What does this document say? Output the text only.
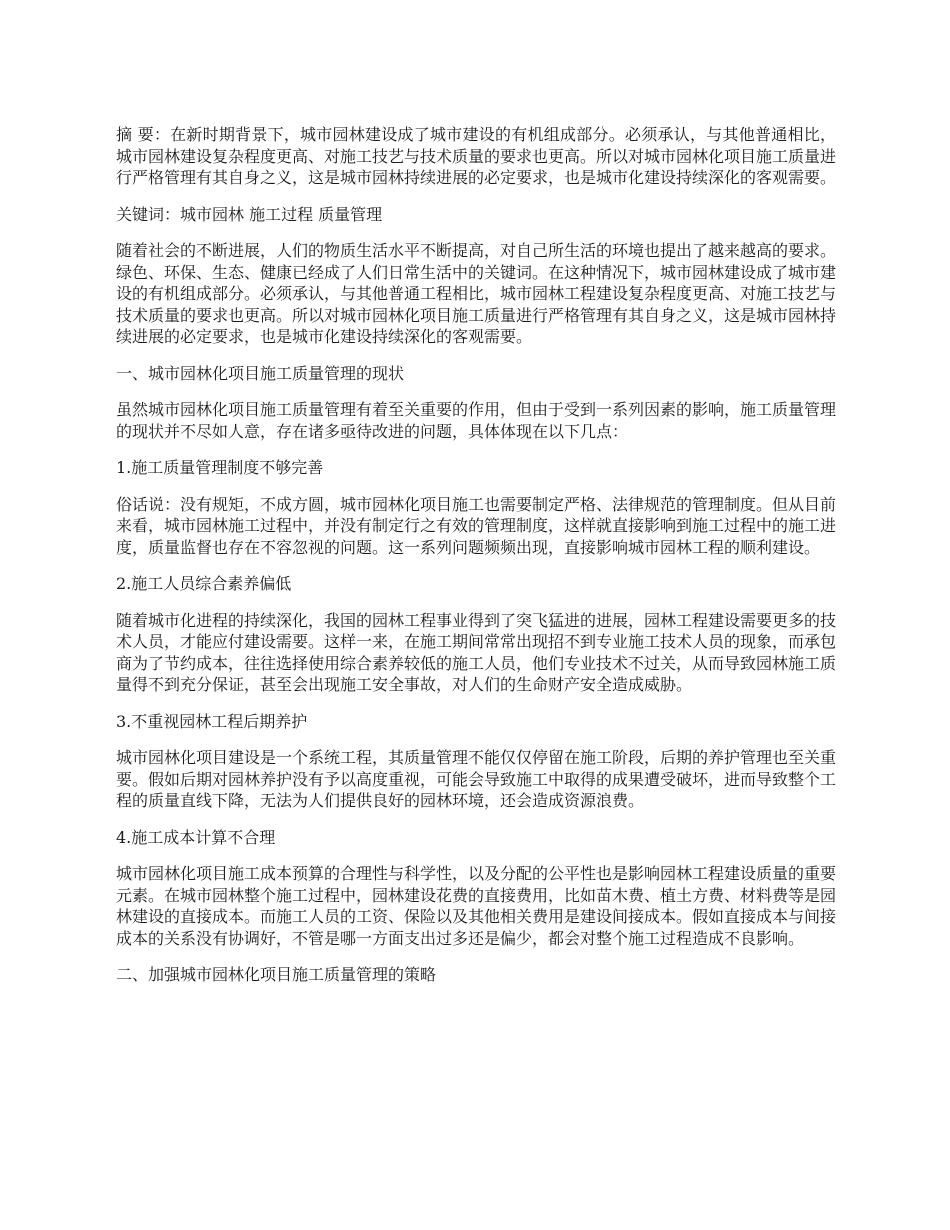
摘 要：在新时期背景下，城市园林建设成了城市建设的有机组成部分。必须承认，与其他普通相比，城市园林建设复杂程度更高、对施工技艺与技术质量的要求也更高。所以对城市园林化项目施工质量进行严格管理有其自身之义，这是城市园林持续进展的必定要求，也是城市化建设持续深化的客观需要。

关键词：城市园林 施工过程 质量管理

随着社会的不断进展，人们的物质生活水平不断提高，对自己所生活的环境也提出了越来越高的要求。绿色、环保、生态、健康已经成了人们日常生活中的关键词。在这种情况下，城市园林建设成了城市建设的有机组成部分。必须承认，与其他普通工程相比，城市园林工程建设复杂程度更高、对施工技艺与技术质量的要求也更高。所以对城市园林化项目施工质量进行严格管理有其自身之义，这是城市园林持续进展的必定要求，也是城市化建设持续深化的客观需要。

一、城市园林化项目施工质量管理的现状

虽然城市园林化项目施工质量管理有着至关重要的作用，但由于受到一系列因素的影响，施工质量管理的现状并不尽如人意，存在诸多亟待改进的问题，具体体现在以下几点：

1.施工质量管理制度不够完善

俗话说：没有规矩，不成方圆，城市园林化项目施工也需要制定严格、法律规范的管理制度。但从目前来看，城市园林施工过程中，并没有制定行之有效的管理制度，这样就直接影响到施工过程中的施工进度，质量监督也存在不容忽视的问题。这一系列问题频频出现，直接影响城市园林工程的顺利建设。

2.施工人员综合素养偏低

随着城市化进程的持续深化，我国的园林工程事业得到了突飞猛进的进展，园林工程建设需要更多的技术人员，才能应付建设需要。这样一来，在施工期间常常出现招不到专业施工技术人员的现象，而承包商为了节约成本，往往选择使用综合素养较低的施工人员，他们专业技术不过关，从而导致园林施工质量得不到充分保证，甚至会出现施工安全事故，对人们的生命财产安全造成威胁。

3.不重视园林工程后期养护

城市园林化项目建设是一个系统工程，其质量管理不能仅仅停留在施工阶段，后期的养护管理也至关重要。假如后期对园林养护没有予以高度重视，可能会导致施工中取得的成果遭受破坏，进而导致整个工程的质量直线下降，无法为人们提供良好的园林环境，还会造成资源浪费。

4.施工成本计算不合理

城市园林化项目施工成本预算的合理性与科学性，以及分配的公平性也是影响园林工程建设质量的重要元素。在城市园林整个施工过程中，园林建设花费的直接费用，比如苗木费、植土方费、材料费等是园林建设的直接成本。而施工人员的工资、保险以及其他相关费用是建设间接成本。假如直接成本与间接成本的关系没有协调好，不管是哪一方面支出过多还是偏少，都会对整个施工过程造成不良影响。

二、加强城市园林化项目施工质量管理的策略
